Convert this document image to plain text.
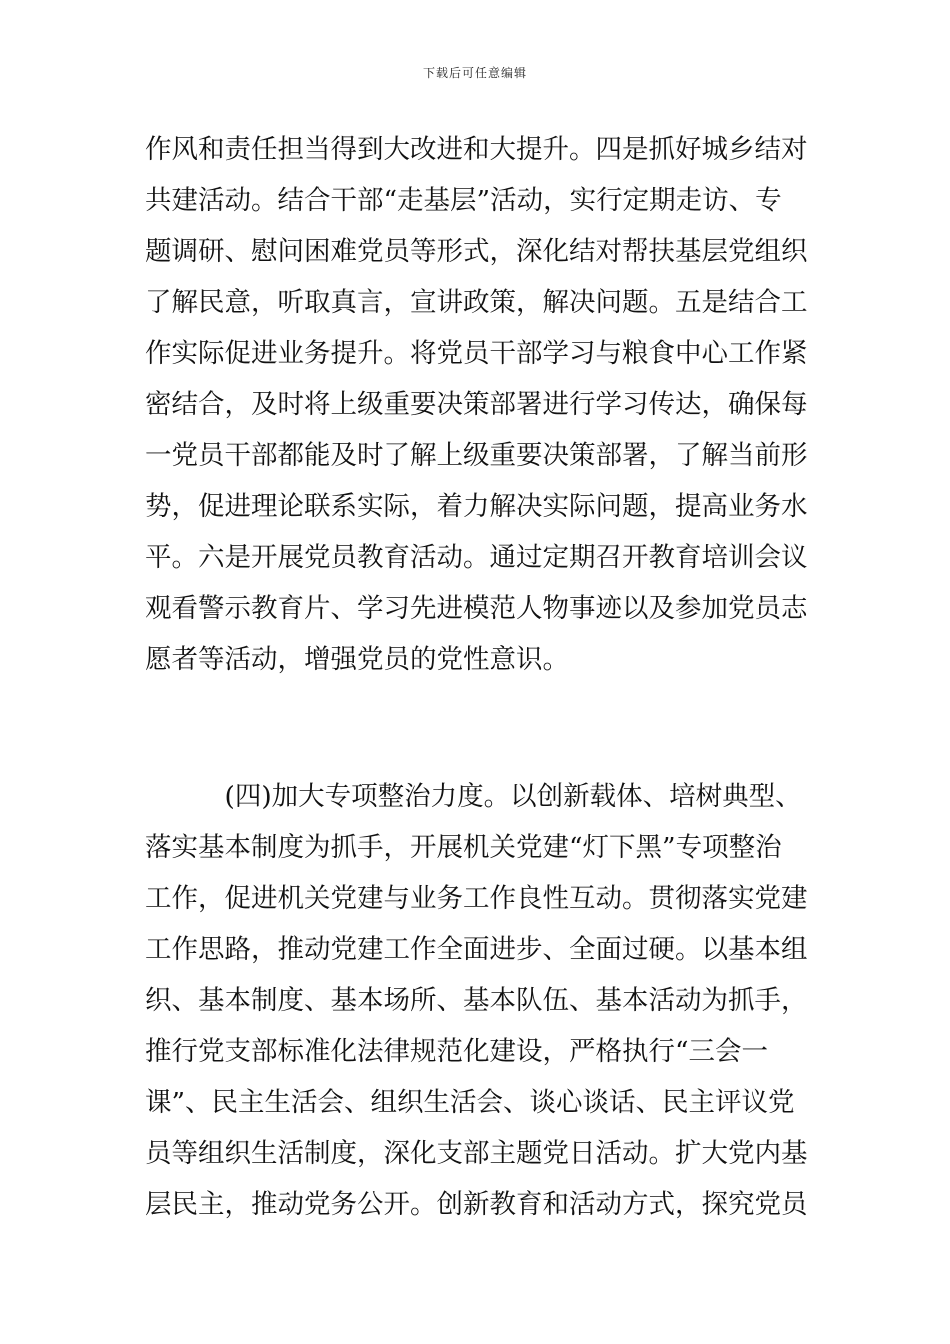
下载后可任意编辑
作风和责任担当得到大改进和大提升。四是抓好城乡结对
共建活动。结合干部“走基层”活动，实行定期走访、专
题调研、慰问困难党员等形式，深化结对帮扶基层党组织
了解民意，听取真言，宣讲政策，解决问题。五是结合工
作实际促进业务提升。将党员干部学习与粮食中心工作紧
密结合，及时将上级重要决策部署进行学习传达，确保每
一党员干部都能及时了解上级重要决策部署，了解当前形
势，促进理论联系实际，着力解决实际问题，提高业务水
平。六是开展党员教育活动。通过定期召开教育培训会议
观看警示教育片、学习先进模范人物事迹以及参加党员志
愿者等活动，增强党员的党性意识。
　　　(四)加大专项整治力度。以创新载体、培树典型、
落实基本制度为抓手，开展机关党建“灯下黑”专项整治
工作，促进机关党建与业务工作良性互动。贯彻落实党建
工作思路，推动党建工作全面进步、全面过硬。以基本组
织、基本制度、基本场所、基本队伍、基本活动为抓手，
推行党支部标准化法律规范化建设，严格执行“三会一
课”、民主生活会、组织生活会、谈心谈话、民主评议党
员等组织生活制度，深化支部主题党日活动。扩大党内基
层民主，推动党务公开。创新教育和活动方式，探究党员
